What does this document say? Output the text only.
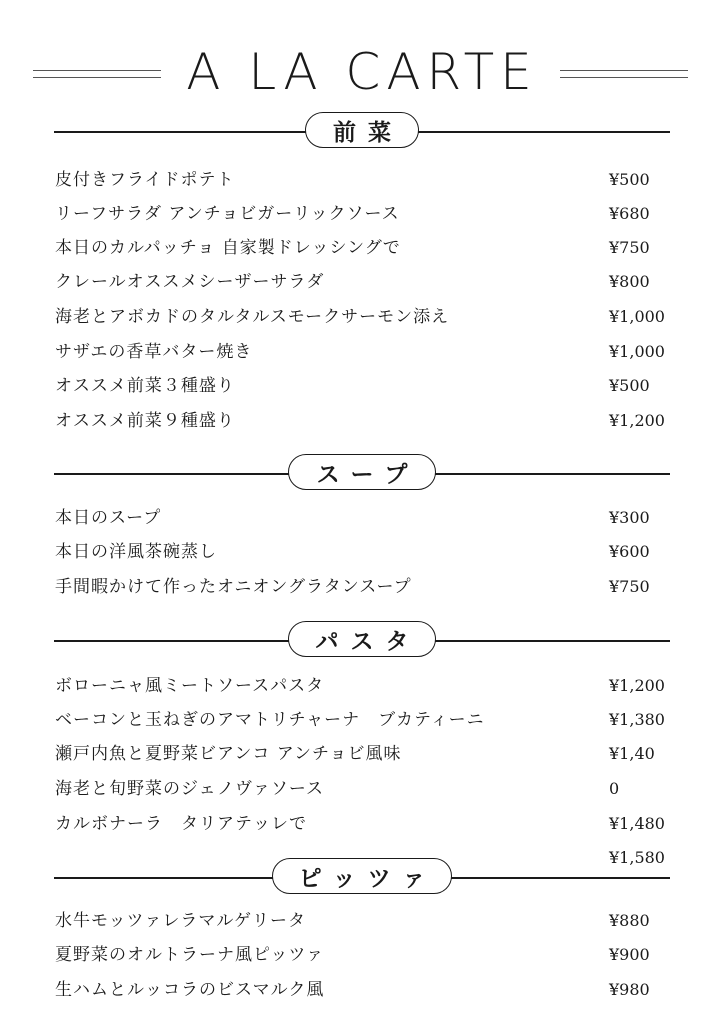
A LA CARTE
前菜
皮付きフライドポテト	¥500
リーフサラダ アンチョビガーリックソース	¥680
本日のカルパッチョ 自家製ドレッシングで	¥750
クレールオススメシーザーサラダ	¥800
海老とアボカドのタルタルスモークサーモン添え	¥1,000
サザエの香草バター焼き	¥1,000
オススメ前菜３種盛り	¥500
オススメ前菜９種盛り	¥1,200
スープ
本日のスープ	¥300
本日の洋風茶碗蒸し	¥600
手間暇かけて作ったオニオングラタンスープ	¥750
パスタ
ボローニャ風ミートソースパスタ	¥1,200
ベーコンと玉ねぎのアマトリチャーナ　ブカティーニ	¥1,380
瀬戸内魚と夏野菜ビアンコ アンチョビ風味	¥1,40
海老と旬野菜のジェノヴァソース	0
カルボナーラ　タリアテッレで	¥1,480
¥1,580
ピッツァ
水牛モッツァレラマルゲリータ	¥880
夏野菜のオルトラーナ風ピッツァ	¥900
生ハムとルッコラのビスマルク風	¥980
